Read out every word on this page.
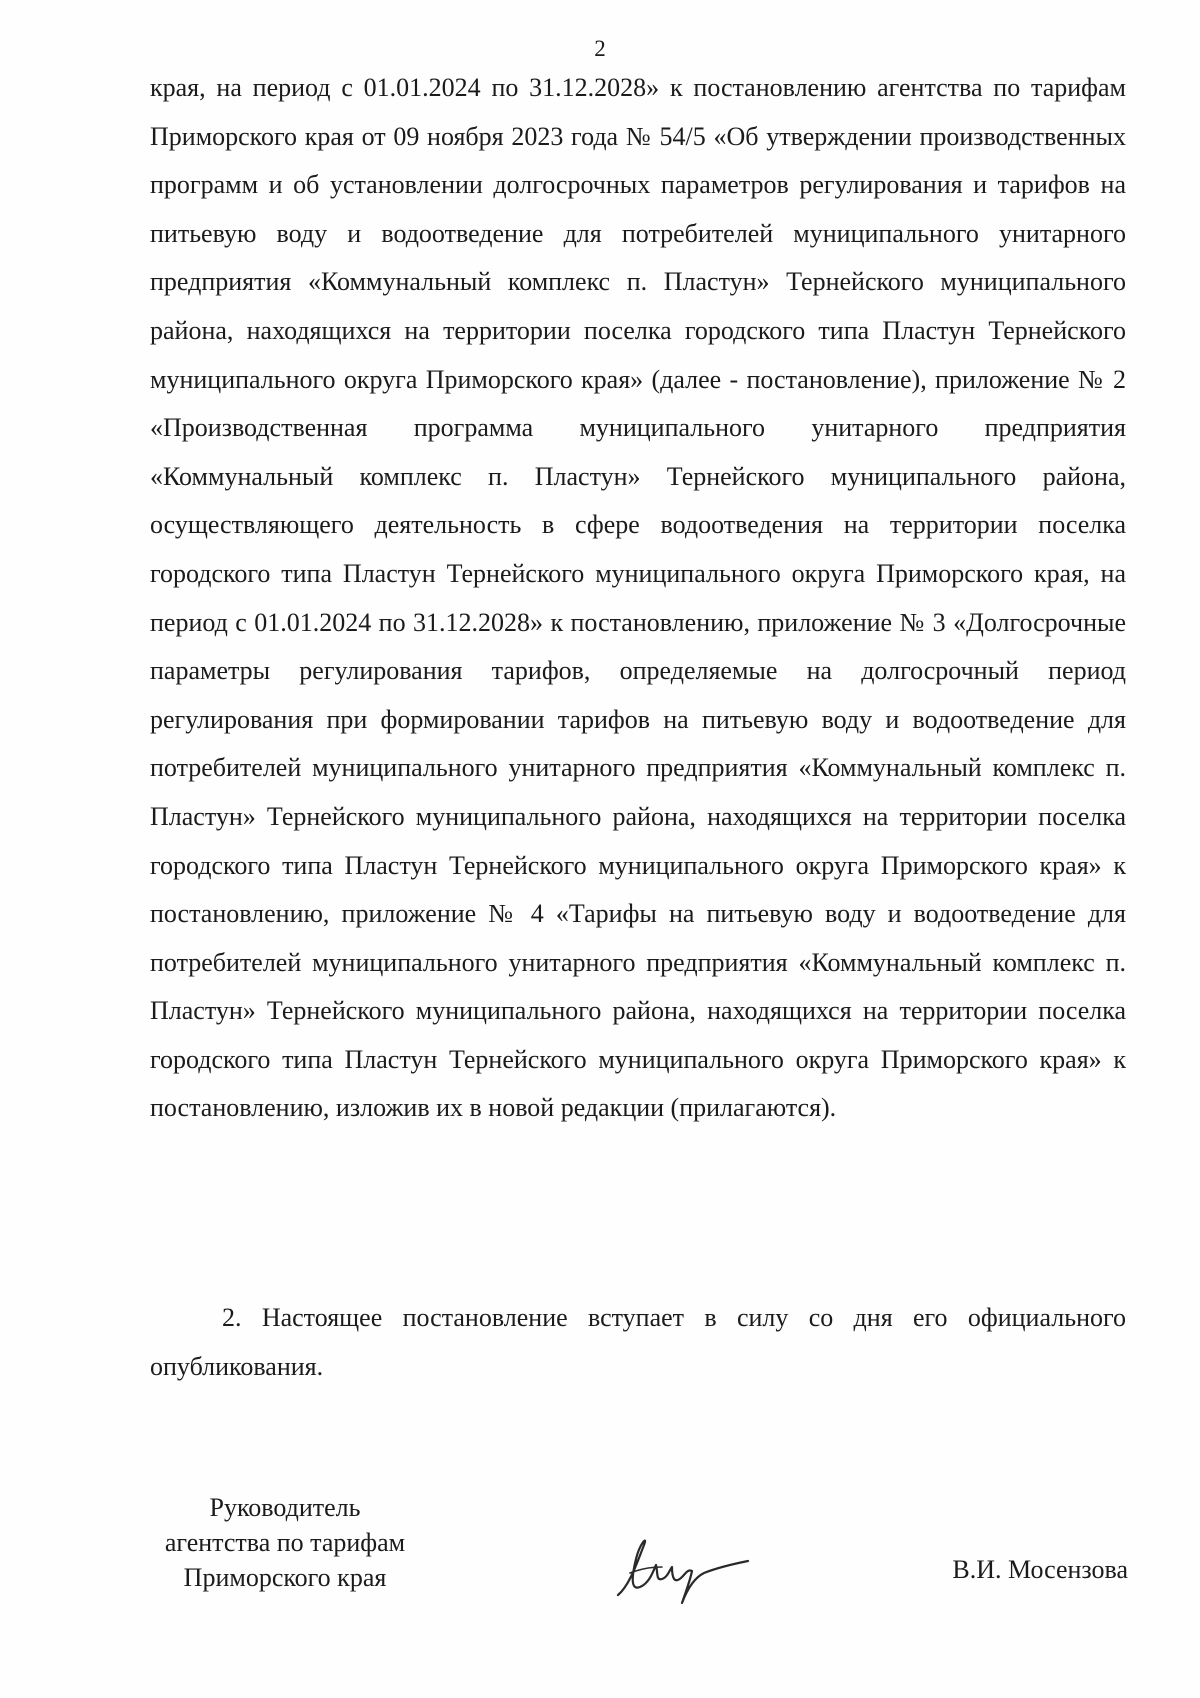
2

края, на период с 01.01.2024 по 31.12.2028» к постановлению агентства по тарифам Приморского края от 09 ноября 2023 года № 54/5 «Об утверждении производственных программ и об установлении долгосрочных параметров регулирования и тарифов на питьевую воду и водоотведение для потребителей муниципального унитарного предприятия «Коммунальный комплекс п. Пластун» Тернейского муниципального района, находящихся на территории поселка городского типа Пластун Тернейского муниципального округа Приморского края» (далее - постановление), приложение № 2 «Производственная программа муниципального унитарного предприятия «Коммунальный комплекс п. Пластун» Тернейского муниципального района, осуществляющего деятельность в сфере водоотведения на территории поселка городского типа Пластун Тернейского муниципального округа Приморского края, на период с 01.01.2024 по 31.12.2028» к постановлению, приложение № 3 «Долгосрочные параметры регулирования тарифов, определяемые на долгосрочный период регулирования при формировании тарифов на питьевую воду и водоотведение для потребителей муниципального унитарного предприятия «Коммунальный комплекс п. Пластун» Тернейского муниципального района, находящихся на территории поселка городского типа Пластун Тернейского муниципального округа Приморского края» к постановлению, приложение № 4 «Тарифы на питьевую воду и водоотведение для потребителей муниципального унитарного предприятия «Коммунальный комплекс п. Пластун» Тернейского муниципального района, находящихся на территории поселка городского типа Пластун Тернейского муниципального округа Приморского края» к постановлению, изложив их в новой редакции (прилагаются).

2. Настоящее постановление вступает в силу со дня его официального опубликования.

Руководитель
агентства по тарифам
Приморского края	В.И. Мосензова
